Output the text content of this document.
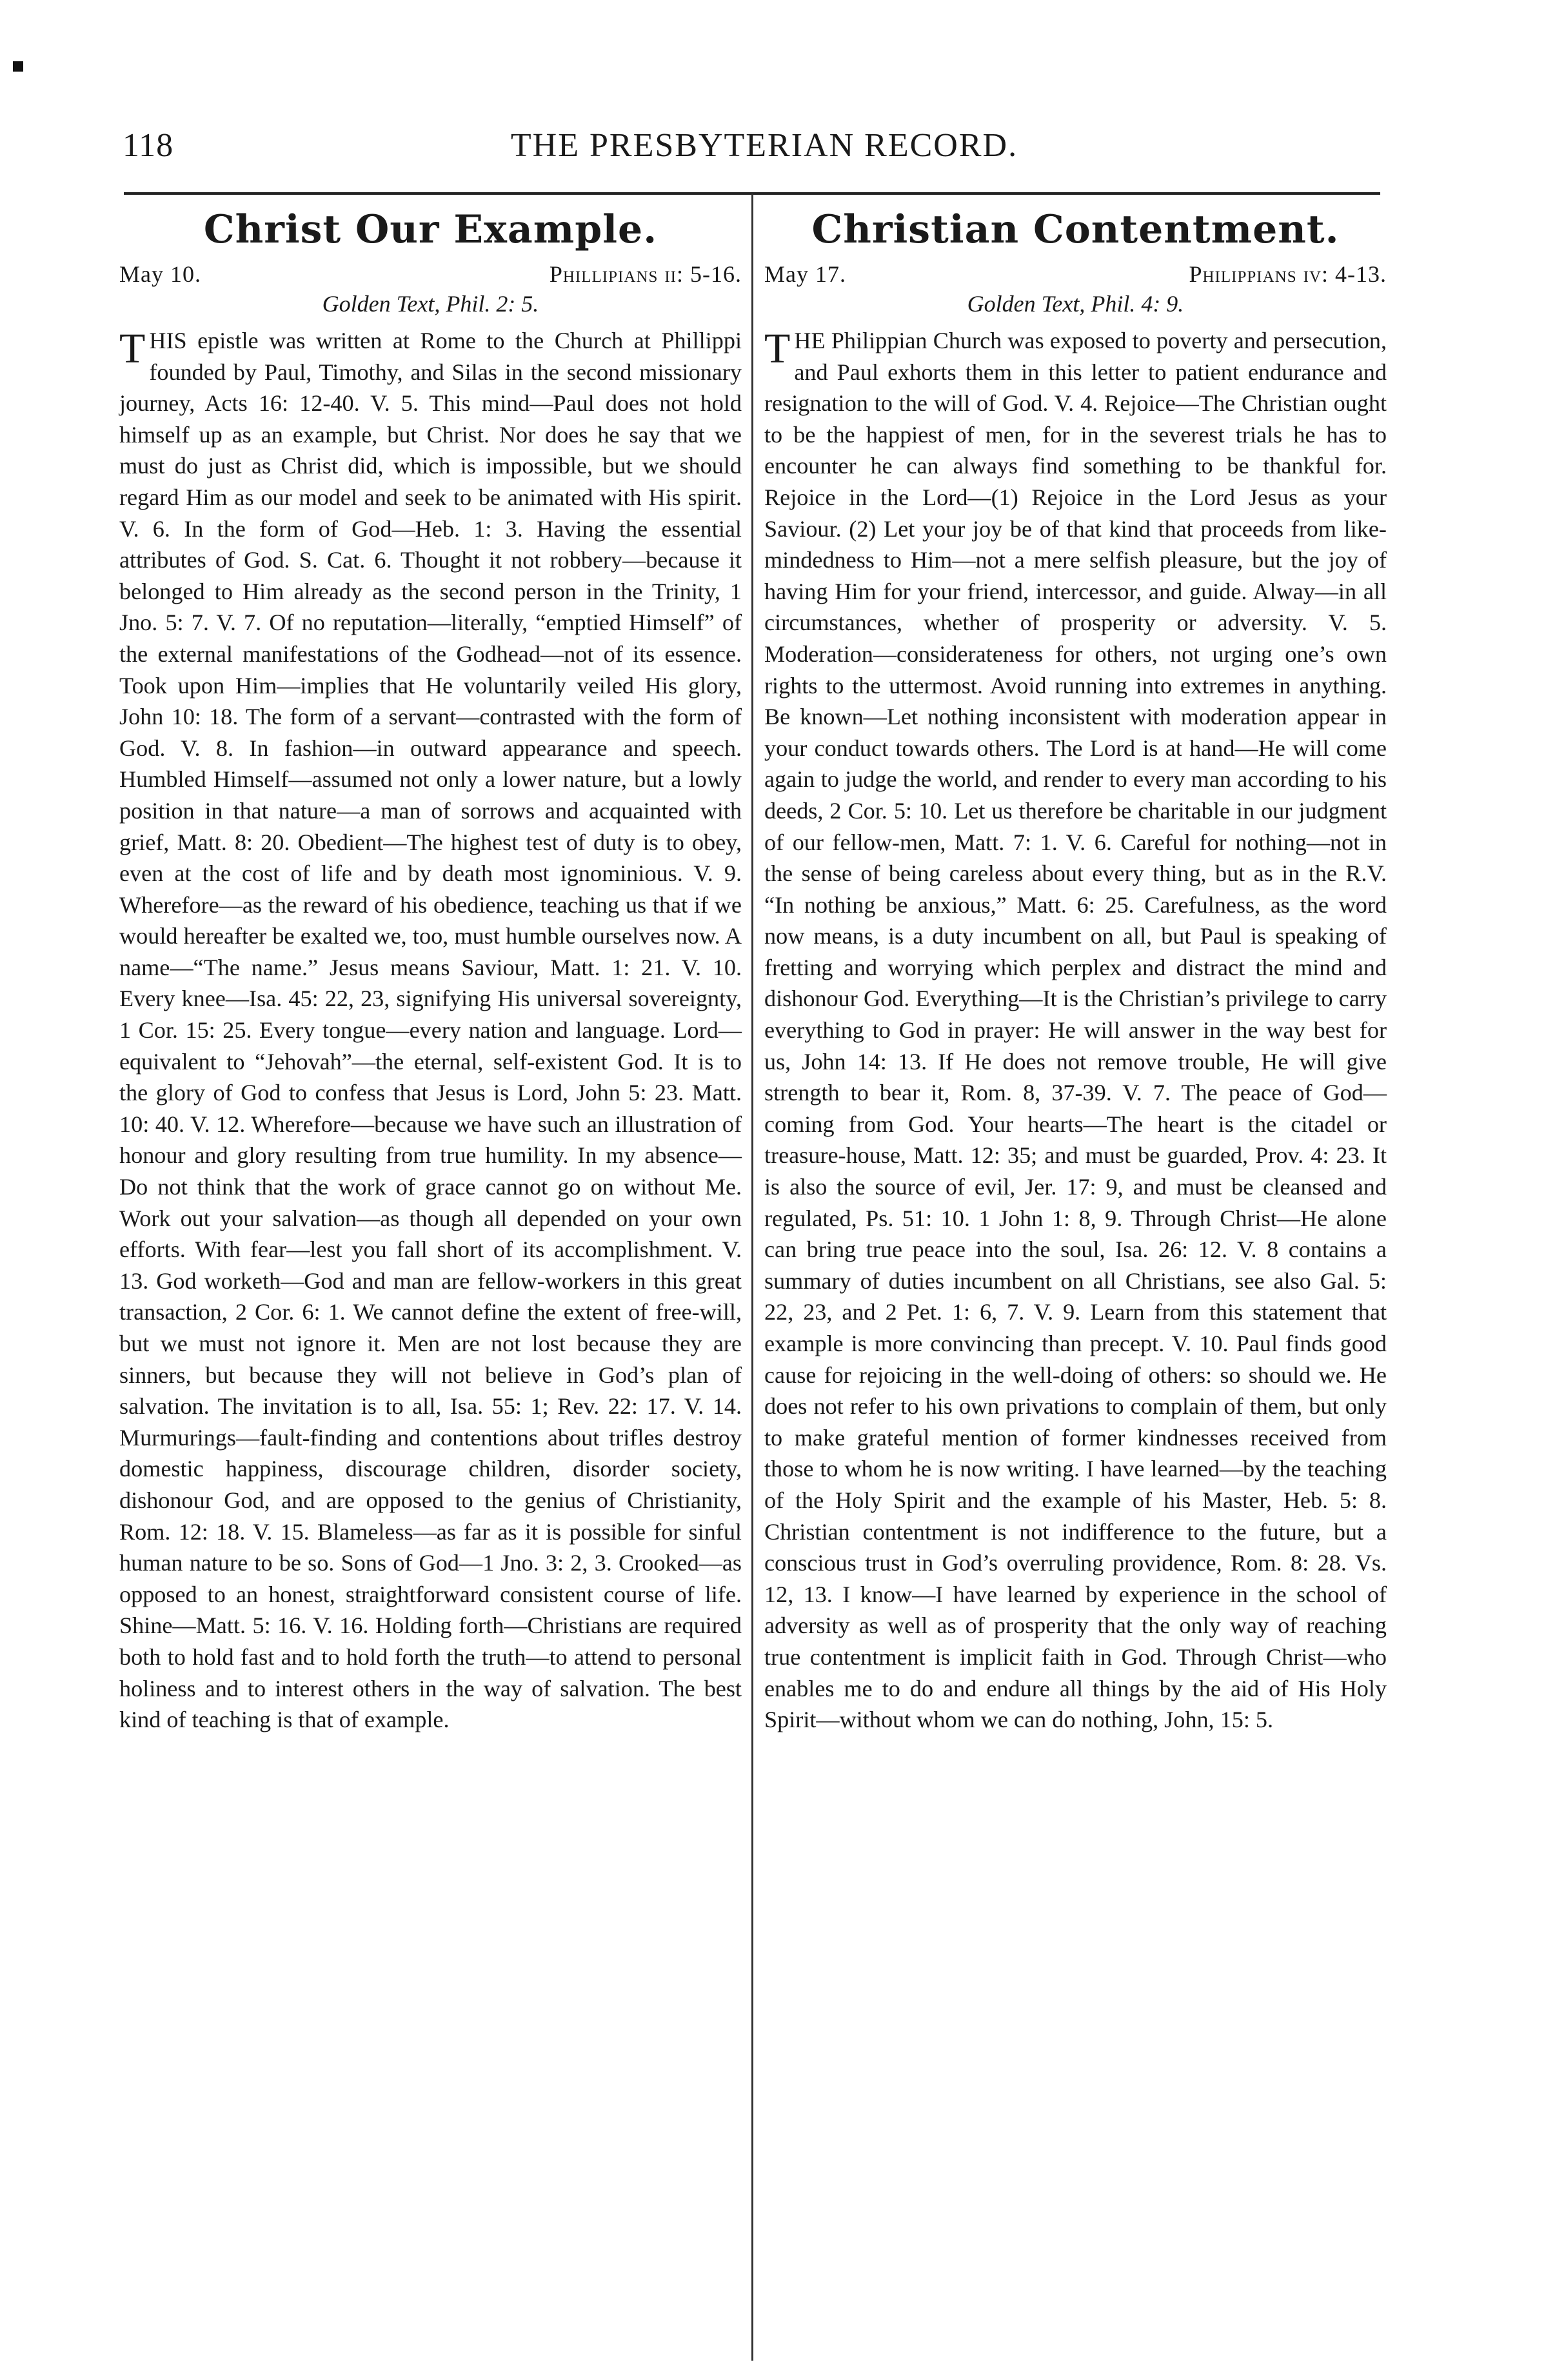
118	THE PRESBYTERIAN RECORD.
Christ Our Example.
May 10.	Phillipians ii: 5-16.
Golden Text, Phil. 2: 5.

THIS epistle was written at Rome to the Church at Phillippi founded by Paul, Timothy, and Silas in the second missionary journey, Acts 16: 12-40. V. 5. This mind—Paul does not hold himself up as an example, but Christ. Nor does he say that we must do just as Christ did, which is impossible, but we should regard Him as our model and seek to be animated with His spirit. V. 6. In the form of God—Heb. 1: 3. Having the essential attributes of God. S. Cat. 6. Thought it not robbery—because it belonged to Him already as the second person in the Trinity, 1 Jno. 5: 7. V. 7. Of no reputation—literally, “emptied Himself” of the external manifestations of the Godhead—not of its essence. Took upon Him—implies that He voluntarily veiled His glory, John 10: 18. The form of a servant—contrasted with the form of God. V. 8. In fashion—in outward appearance and speech. Humbled Himself—assumed not only a lower nature, but a lowly position in that nature—a man of sorrows and acquainted with grief, Matt. 8: 20. Obedient—The highest test of duty is to obey, even at the cost of life and by death most ignominious. V. 9. Wherefore—as the reward of his obedience, teaching us that if we would hereafter be exalted we, too, must humble ourselves now. A name—“The name.” Jesus means Saviour, Matt. 1: 21. V. 10. Every knee—Isa. 45: 22, 23, signifying His universal sovereignty, 1 Cor. 15: 25. Every tongue—every nation and language. Lord—equivalent to “Jehovah”—the eternal, self-existent God. It is to the glory of God to confess that Jesus is Lord, John 5: 23. Matt. 10: 40. V. 12. Wherefore—because we have such an illustration of honour and glory resulting from true humility. In my absence—Do not think that the work of grace cannot go on without Me. Work out your salvation—as though all depended on your own efforts. With fear—lest you fall short of its accomplishment. V. 13. God worketh—God and man are fellow-workers in this great transaction, 2 Cor. 6: 1. We cannot define the extent of free-will, but we must not ignore it. Men are not lost because they are sinners, but because they will not believe in God’s plan of salvation. The invitation is to all, Isa. 55: 1; Rev. 22: 17. V. 14. Murmurings—fault-finding and contentions about trifles destroy domestic happiness, discourage children, disorder society, dishonour God, and are opposed to the genius of Christianity, Rom. 12: 18. V. 15. Blameless—as far as it is possible for sinful human nature to be so. Sons of God—1 Jno. 3: 2, 3. Crooked—as opposed to an honest, straightforward consistent course of life. Shine—Matt. 5: 16. V. 16. Holding forth—Christians are required both to hold fast and to hold forth the truth—to attend to personal holiness and to interest others in the way of salvation. The best kind of teaching is that of example.

Christian Contentment.
May 17.	Philippians iv: 4-13.
Golden Text, Phil. 4: 9.

THE Philippian Church was exposed to poverty and persecution, and Paul exhorts them in this letter to patient endurance and resignation to the will of God. V. 4. Rejoice—The Christian ought to be the happiest of men, for in the severest trials he has to encounter he can always find something to be thankful for. Rejoice in the Lord—(1) Rejoice in the Lord Jesus as your Saviour. (2) Let your joy be of that kind that proceeds from like-mindedness to Him—not a mere selfish pleasure, but the joy of having Him for your friend, intercessor, and guide. Alway—in all circumstances, whether of prosperity or adversity. V. 5. Moderation—considerateness for others, not urging one’s own rights to the uttermost. Avoid running into extremes in anything. Be known—Let nothing inconsistent with moderation appear in your conduct towards others. The Lord is at hand—He will come again to judge the world, and render to every man according to his deeds, 2 Cor. 5: 10. Let us therefore be charitable in our judgment of our fellow-men, Matt. 7: 1. V. 6. Careful for nothing—not in the sense of being careless about every thing, but as in the R.V. “In nothing be anxious,” Matt. 6: 25. Carefulness, as the word now means, is a duty incumbent on all, but Paul is speaking of fretting and worrying which perplex and distract the mind and dishonour God. Everything—It is the Christian’s privilege to carry everything to God in prayer: He will answer in the way best for us, John 14: 13. If He does not remove trouble, He will give strength to bear it, Rom. 8, 37-39. V. 7. The peace of God—coming from God. Your hearts—The heart is the citadel or treasure-house, Matt. 12: 35; and must be guarded, Prov. 4: 23. It is also the source of evil, Jer. 17: 9, and must be cleansed and regulated, Ps. 51: 10. 1 John 1: 8, 9. Through Christ—He alone can bring true peace into the soul, Isa. 26: 12. V. 8 contains a summary of duties incumbent on all Christians, see also Gal. 5: 22, 23, and 2 Pet. 1: 6, 7. V. 9. Learn from this statement that example is more convincing than precept. V. 10. Paul finds good cause for rejoicing in the well-doing of others: so should we. He does not refer to his own privations to complain of them, but only to make grateful mention of former kindnesses received from those to whom he is now writing. I have learned—by the teaching of the Holy Spirit and the example of his Master, Heb. 5: 8. Christian contentment is not indifference to the future, but a conscious trust in God’s overruling providence, Rom. 8: 28. Vs. 12, 13. I know—I have learned by experience in the school of adversity as well as of prosperity that the only way of reaching true contentment is implicit faith in God. Through Christ—who enables me to do and endure all things by the aid of His Holy Spirit—without whom we can do nothing, John, 15: 5.
